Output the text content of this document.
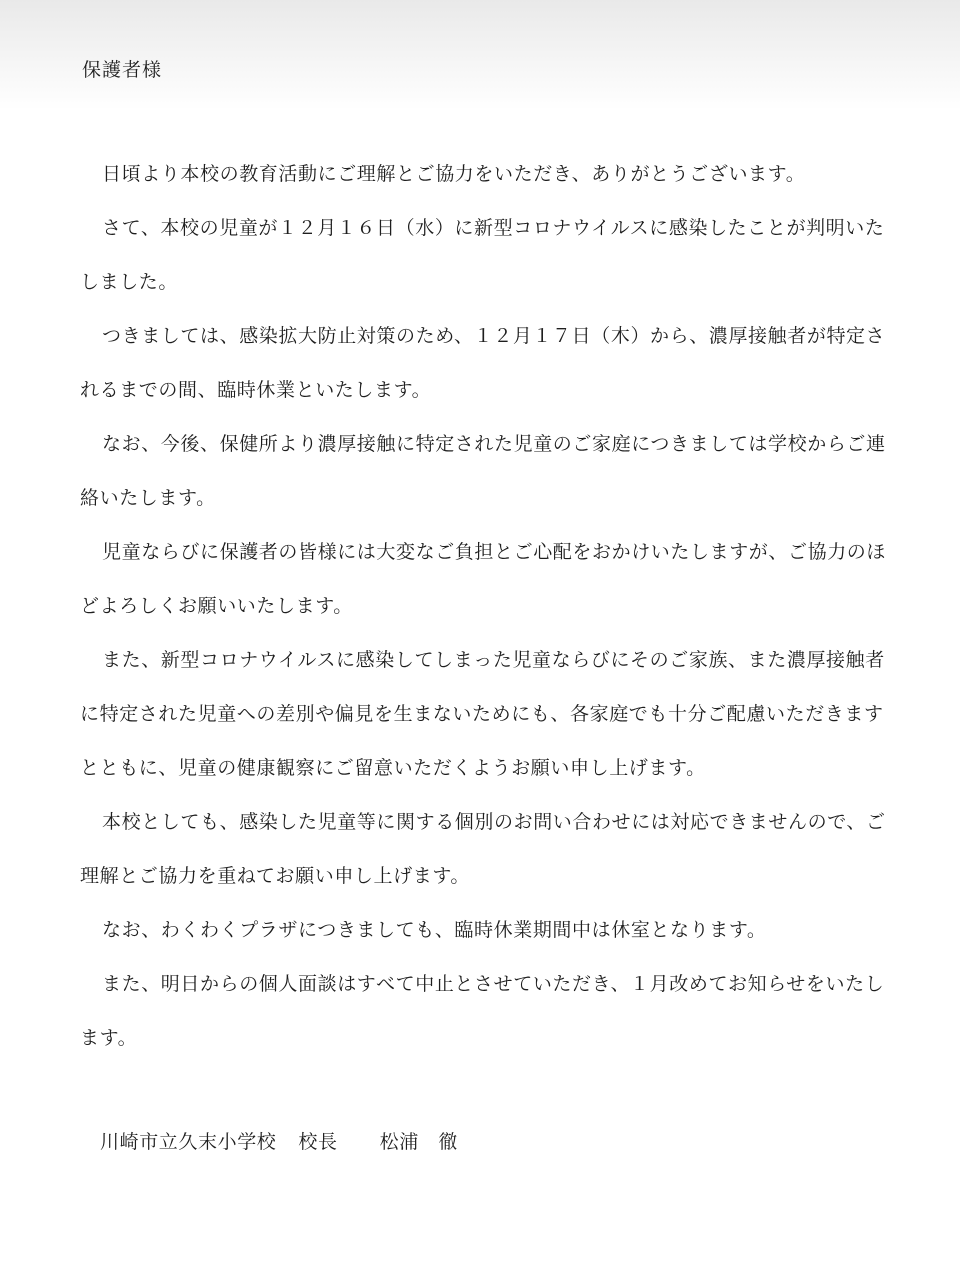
保護者様
日頃より本校の教育活動にご理解とご協力をいただき、ありがとうございます。
さて、本校の児童が１２月１６日（水）に新型コロナウイルスに感染したことが判明いた
しました。
つきましては、感染拡大防止対策のため、１２月１７日（木）から、濃厚接触者が特定さ
れるまでの間、臨時休業といたします。
なお、今後、保健所より濃厚接触に特定された児童のご家庭につきましては学校からご連
絡いたします。
児童ならびに保護者の皆様には大変なご負担とご心配をおかけいたしますが、ご協力のほ
どよろしくお願いいたします。
また、新型コロナウイルスに感染してしまった児童ならびにそのご家族、また濃厚接触者
に特定された児童への差別や偏見を生まないためにも、各家庭でも十分ご配慮いただきます
とともに、児童の健康観察にご留意いただくようお願い申し上げます。
本校としても、感染した児童等に関する個別のお問い合わせには対応できませんので、ご
理解とご協力を重ねてお願い申し上げます。
なお、わくわくプラザにつきましても、臨時休業期間中は休室となります。
また、明日からの個人面談はすべて中止とさせていただき、１月改めてお知らせをいたし
ます。
川崎市立久末小学校 校長 松浦　徹
